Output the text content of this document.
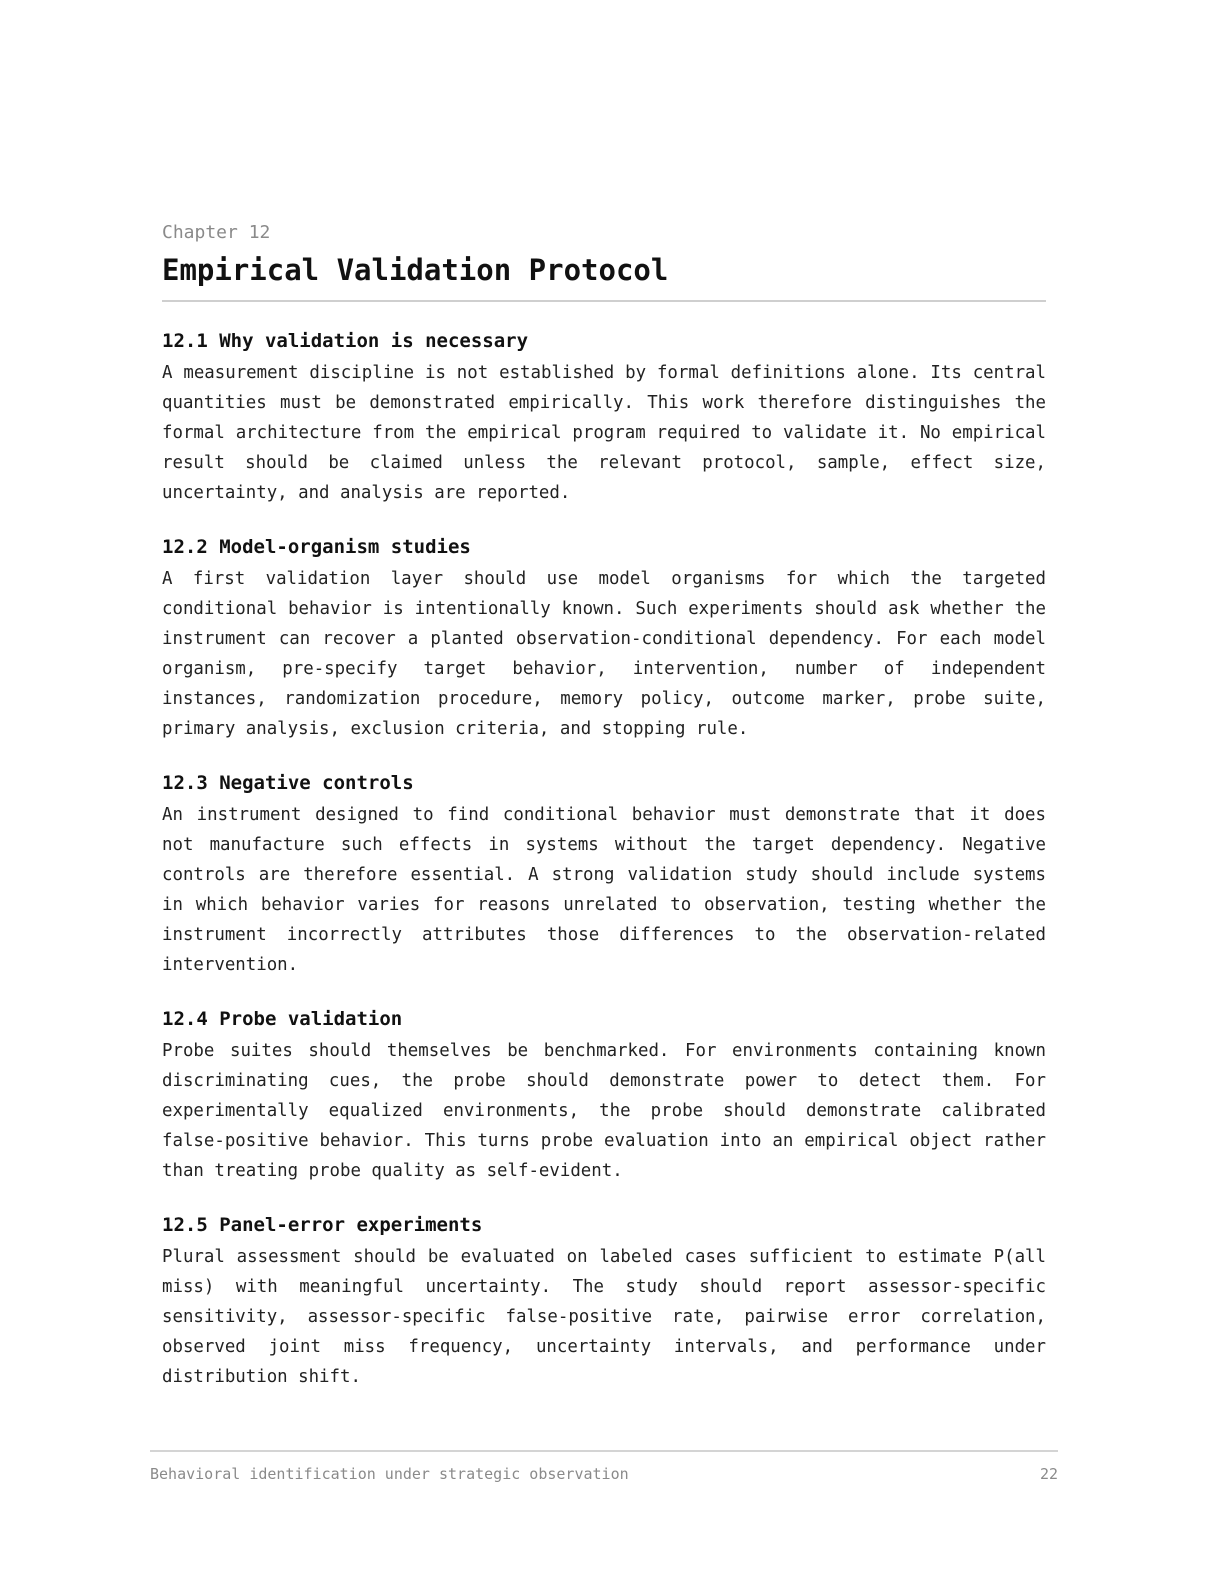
Chapter 12

Empirical Validation Protocol
12.1 Why validation is necessary

A measurement discipline is not established by formal definitions alone. Its central quantities must be demonstrated empirically. This work therefore distinguishes the formal architecture from the empirical program required to validate it. No empirical result should be claimed unless the relevant protocol, sample, effect size, uncertainty, and analysis are reported.

12.2 Model-organism studies

A first validation layer should use model organisms for which the targeted conditional behavior is intentionally known. Such experiments should ask whether the instrument can recover a planted observation-conditional dependency. For each model organism, pre-specify target behavior, intervention, number of independent instances, randomization procedure, memory policy, outcome marker, probe suite, primary analysis, exclusion criteria, and stopping rule.

12.3 Negative controls

An instrument designed to find conditional behavior must demonstrate that it does not manufacture such effects in systems without the target dependency. Negative controls are therefore essential. A strong validation study should include systems in which behavior varies for reasons unrelated to observation, testing whether the instrument incorrectly attributes those differences to the observation-related intervention.

12.4 Probe validation

Probe suites should themselves be benchmarked. For environments containing known discriminating cues, the probe should demonstrate power to detect them. For experimentally equalized environments, the probe should demonstrate calibrated false-positive behavior. This turns probe evaluation into an empirical object rather than treating probe quality as self-evident.

12.5 Panel-error experiments

Plural assessment should be evaluated on labeled cases sufficient to estimate P(all miss) with meaningful uncertainty. The study should report assessor-specific sensitivity, assessor-specific false-positive rate, pairwise error correlation, observed joint miss frequency, uncertainty intervals, and performance under distribution shift.

Behavioral identification under strategic observation	22
